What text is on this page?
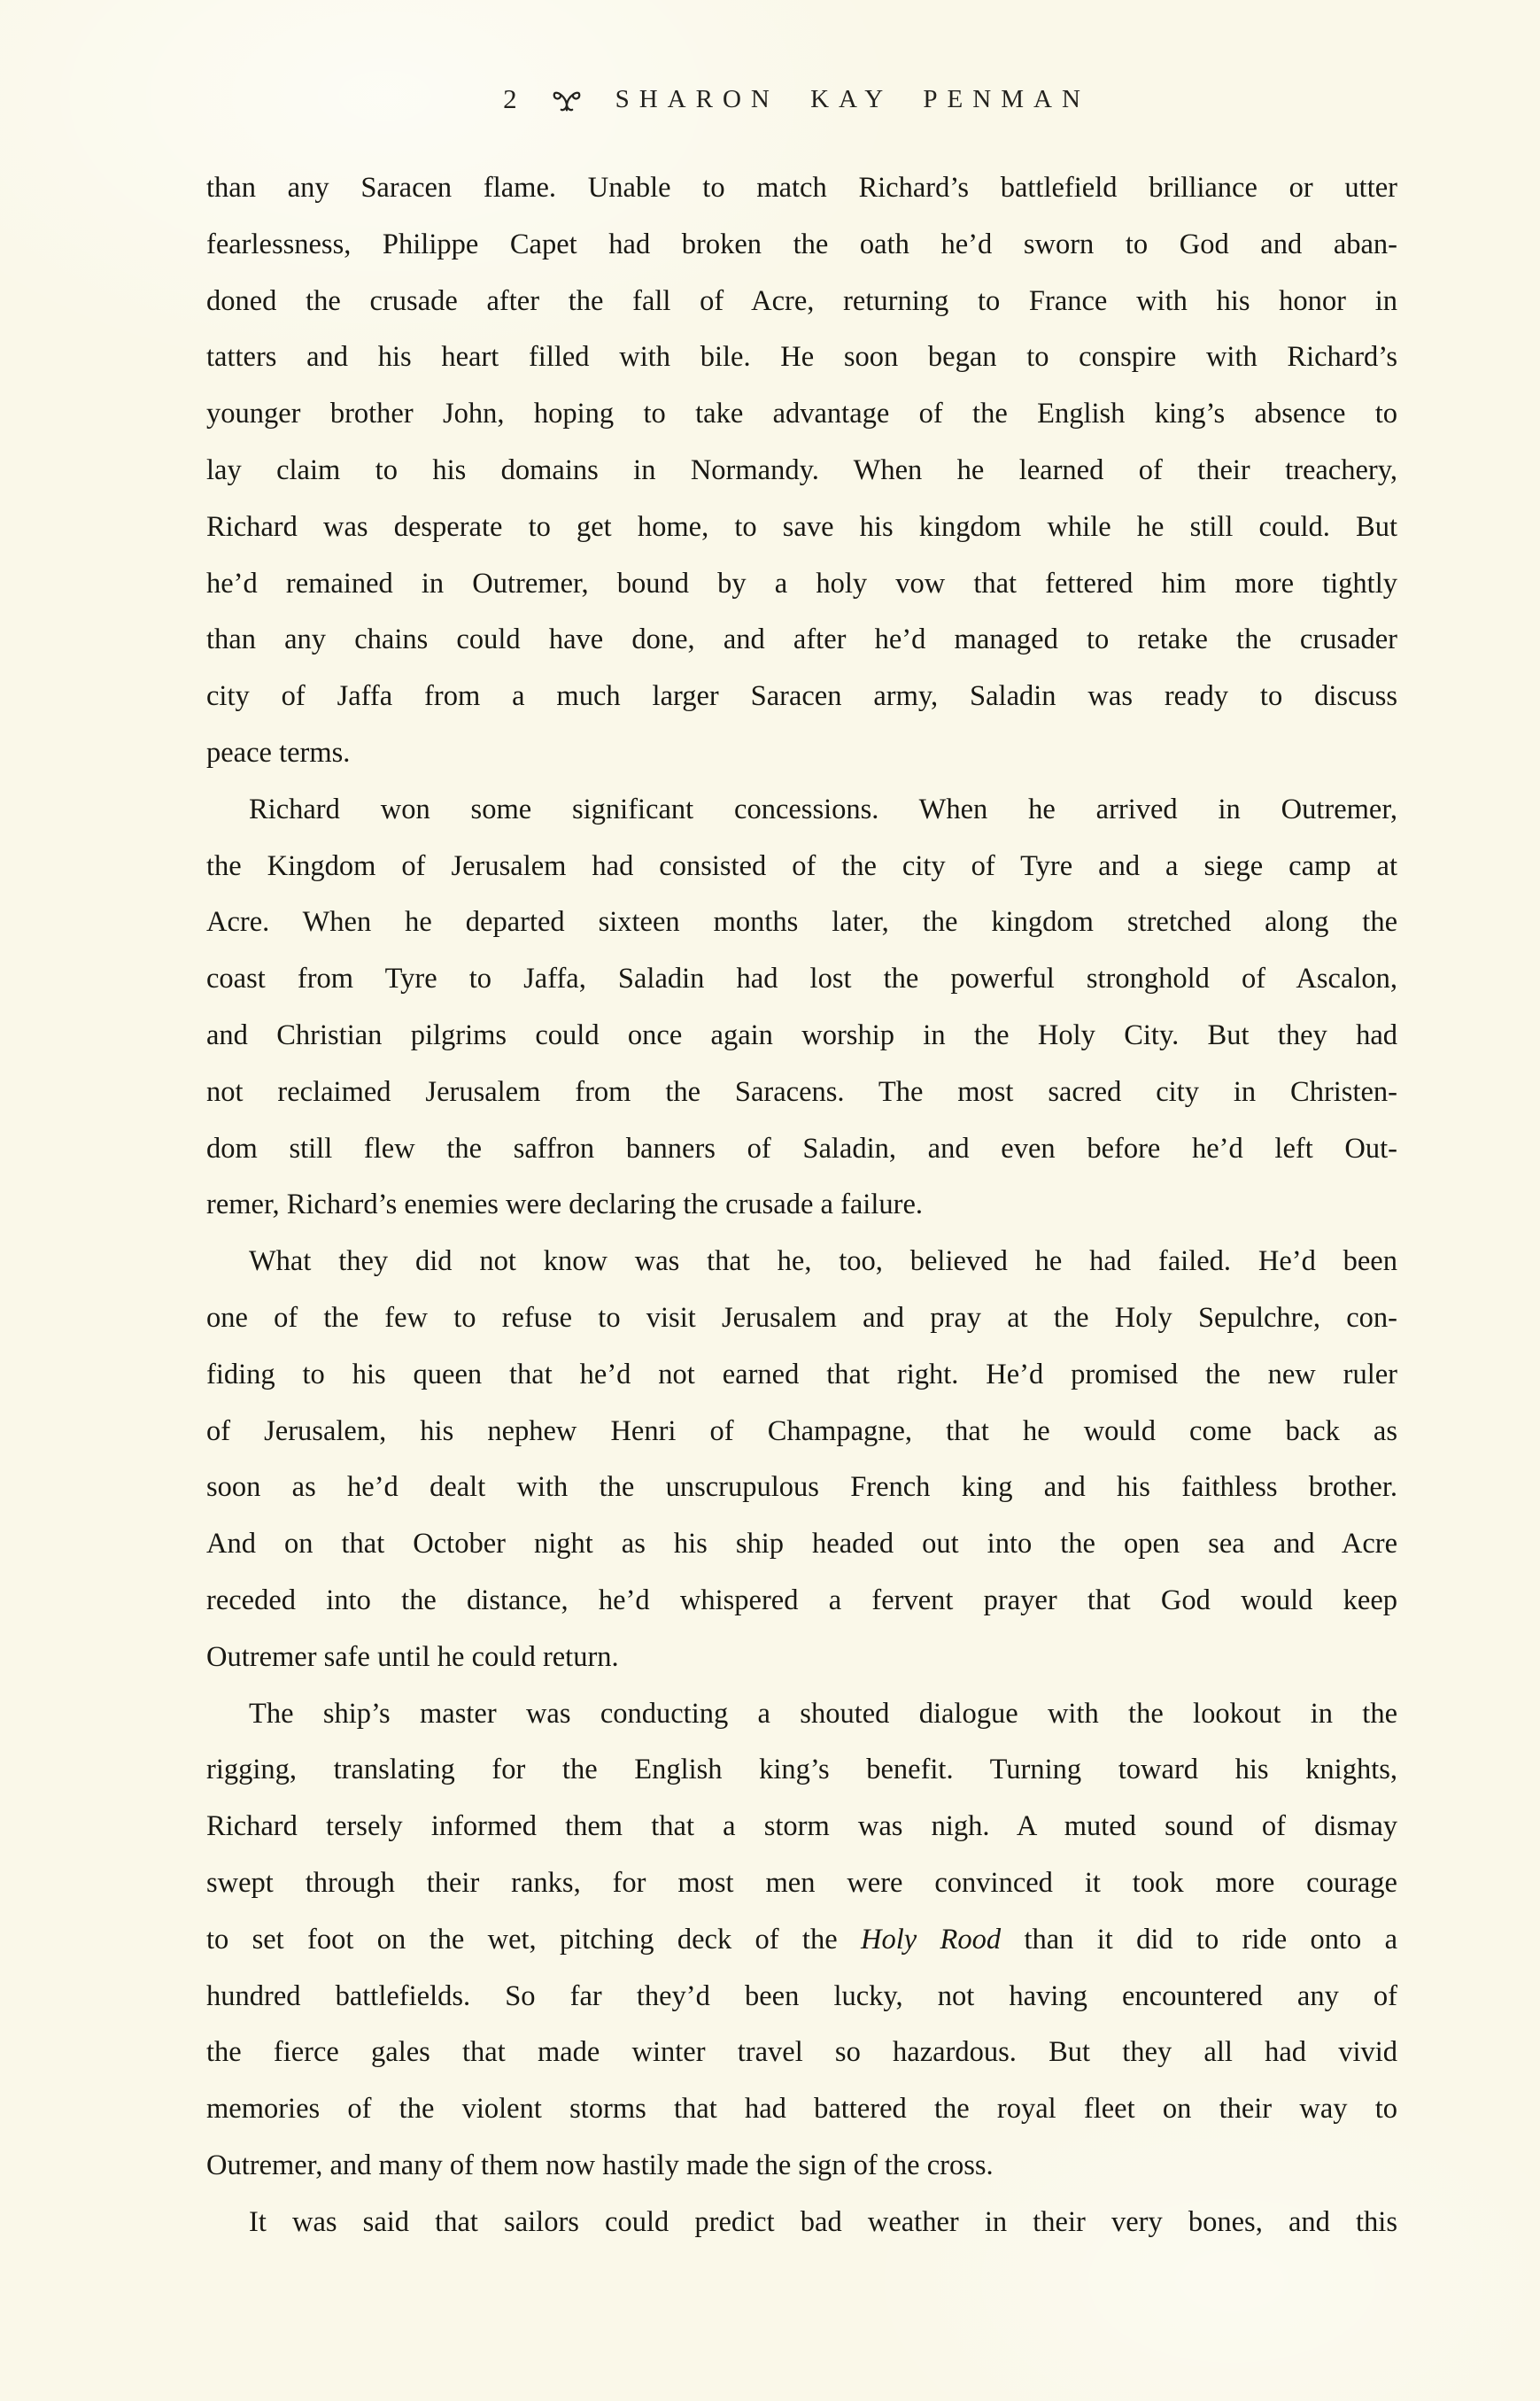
2	SHARON KAY PENMAN
than any Saracen flame. Unable to match Richard’s battlefield brilliance or utter
fearlessness, Philippe Capet had broken the oath he’d sworn to God and aban-
doned the crusade after the fall of Acre, returning to France with his honor in
tatters and his heart filled with bile. He soon began to conspire with Richard’s
younger brother John, hoping to take advantage of the English king’s absence to
lay claim to his domains in Normandy. When he learned of their treachery,
Richard was desperate to get home, to save his kingdom while he still could. But
he’d remained in Outremer, bound by a holy vow that fettered him more tightly
than any chains could have done, and after he’d managed to retake the crusader
city of Jaffa from a much larger Saracen army, Saladin was ready to discuss
peace terms.
Richard won some significant concessions. When he arrived in Outremer,
the Kingdom of Jerusalem had consisted of the city of Tyre and a siege camp at
Acre. When he departed sixteen months later, the kingdom stretched along the
coast from Tyre to Jaffa, Saladin had lost the powerful stronghold of Ascalon,
and Christian pilgrims could once again worship in the Holy City. But they had
not reclaimed Jerusalem from the Saracens. The most sacred city in Christen-
dom still flew the saffron banners of Saladin, and even before he’d left Out-
remer, Richard’s enemies were declaring the crusade a failure.
What they did not know was that he, too, believed he had failed. He’d been
one of the few to refuse to visit Jerusalem and pray at the Holy Sepulchre, con-
fiding to his queen that he’d not earned that right. He’d promised the new ruler
of Jerusalem, his nephew Henri of Champagne, that he would come back as
soon as he’d dealt with the unscrupulous French king and his faithless brother.
And on that October night as his ship headed out into the open sea and Acre
receded into the distance, he’d whispered a fervent prayer that God would keep
Outremer safe until he could return.
The ship’s master was conducting a shouted dialogue with the lookout in the
rigging, translating for the English king’s benefit. Turning toward his knights,
Richard tersely informed them that a storm was nigh. A muted sound of dismay
swept through their ranks, for most men were convinced it took more courage
to set foot on the wet, pitching deck of the Holy Rood than it did to ride onto a
hundred battlefields. So far they’d been lucky, not having encountered any of
the fierce gales that made winter travel so hazardous. But they all had vivid
memories of the violent storms that had battered the royal fleet on their way to
Outremer, and many of them now hastily made the sign of the cross.
It was said that sailors could predict bad weather in their very bones, and this
